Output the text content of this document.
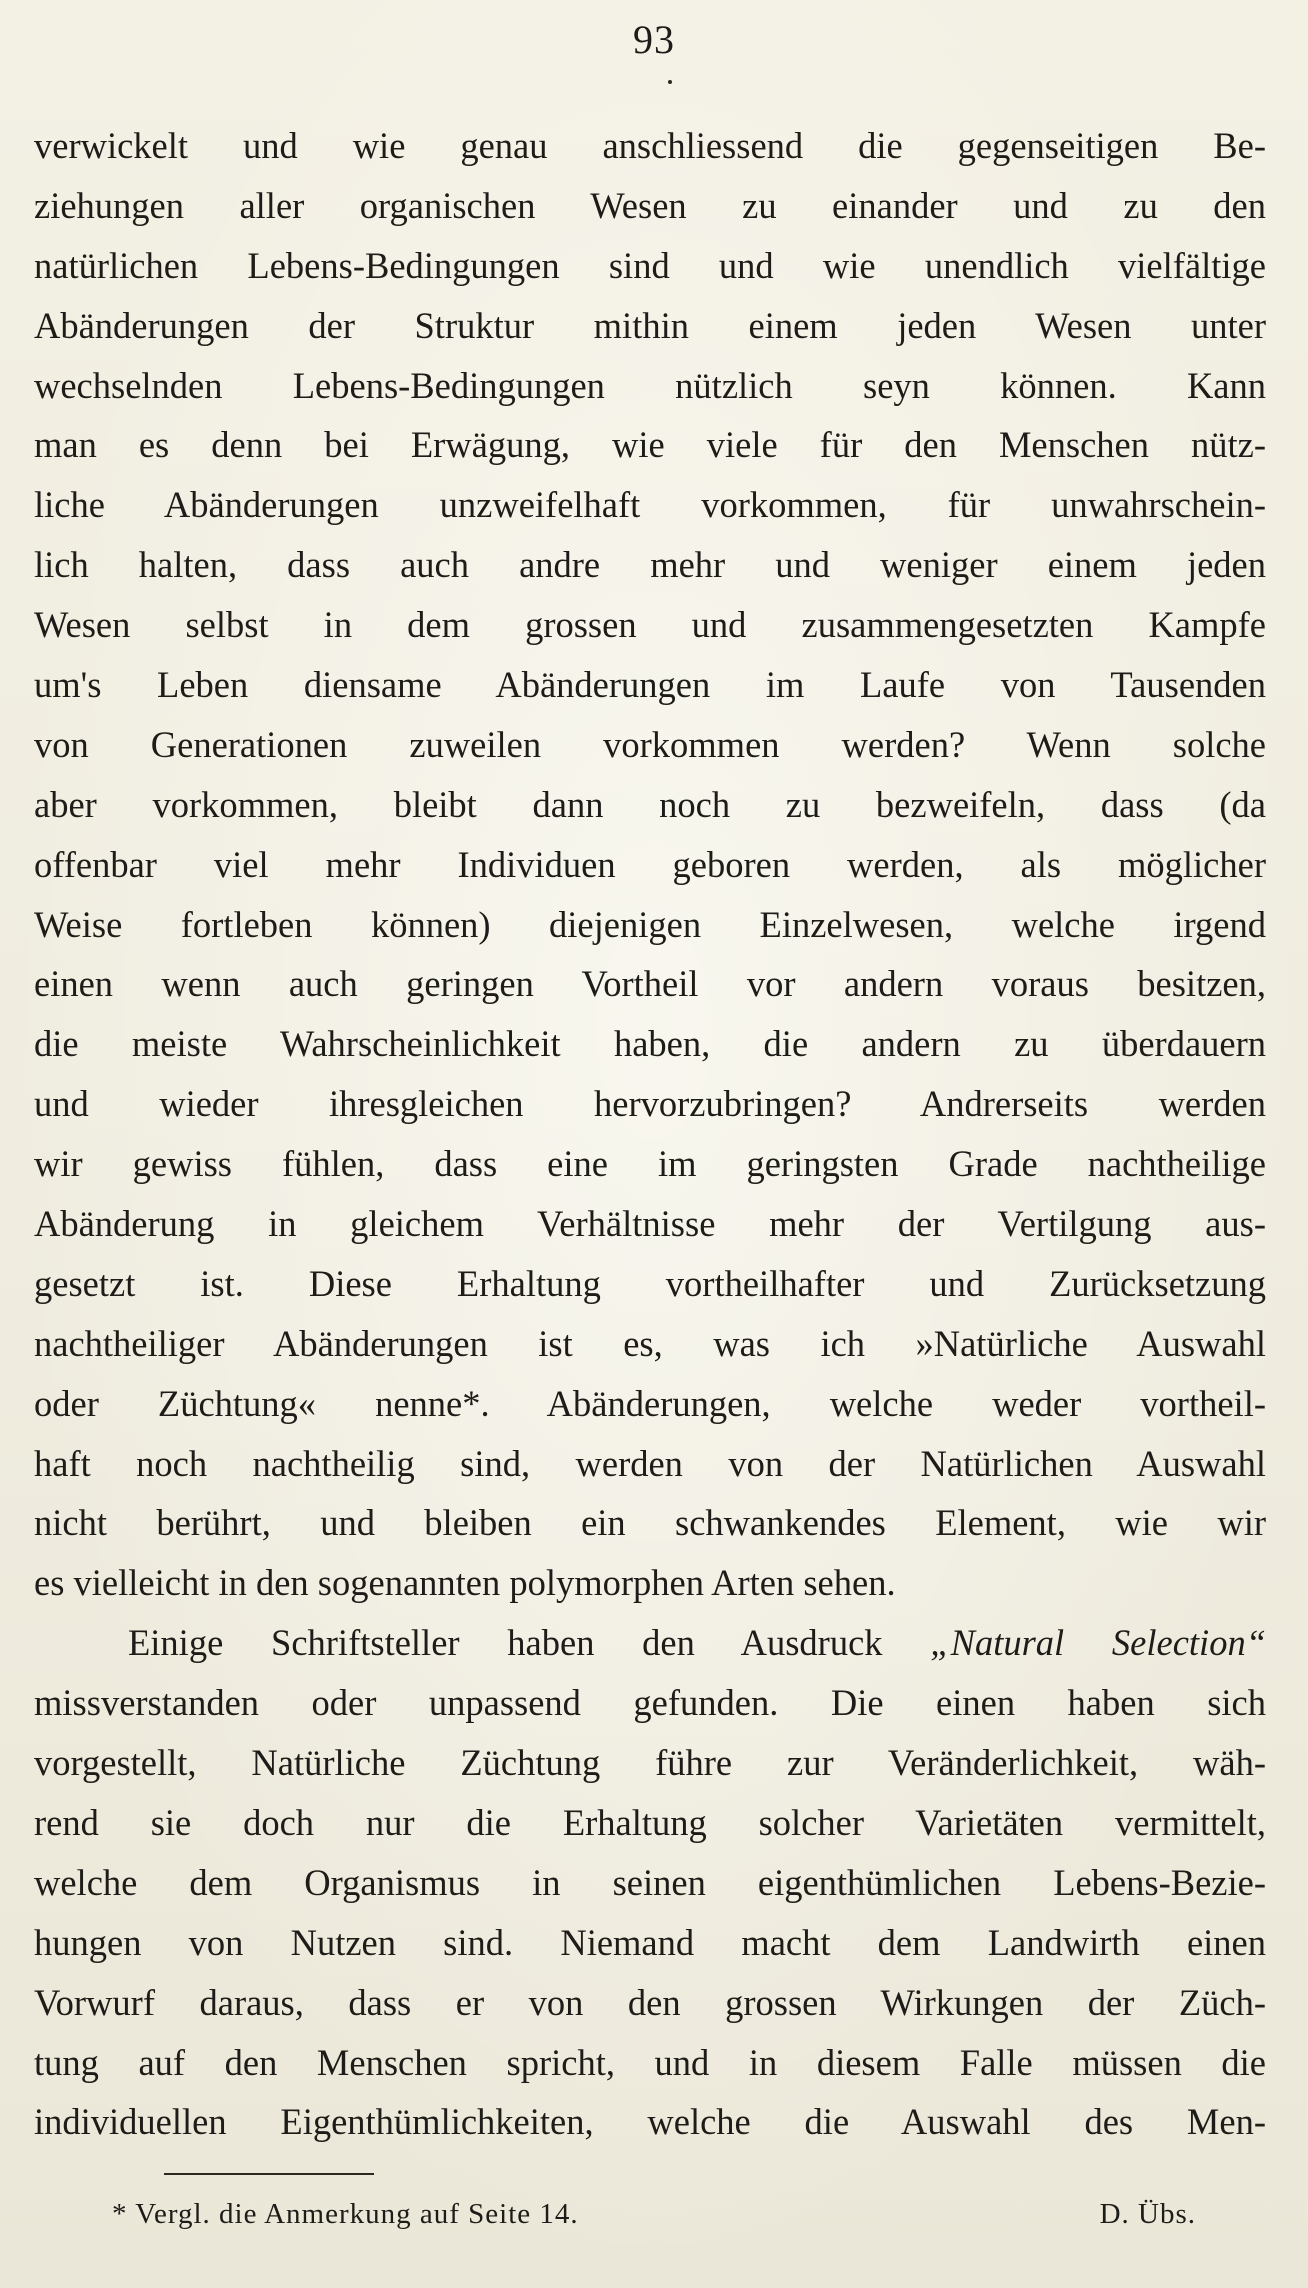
93
verwickelt und wie genau anschliessend die gegenseitigen Be-
ziehungen aller organischen Wesen zu einander und zu den
natürlichen Lebens-Bedingungen sind und wie unendlich vielfältige
Abänderungen der Struktur mithin einem jeden Wesen unter
wechselnden Lebens-Bedingungen nützlich seyn können. Kann
man es denn bei Erwägung, wie viele für den Menschen nütz-
liche Abänderungen unzweifelhaft vorkommen, für unwahrschein-
lich halten, dass auch andre mehr und weniger einem jeden
Wesen selbst in dem grossen und zusammengesetzten Kampfe
um's Leben diensame Abänderungen im Laufe von Tausenden
von Generationen zuweilen vorkommen werden? Wenn solche
aber vorkommen, bleibt dann noch zu bezweifeln, dass (da
offenbar viel mehr Individuen geboren werden, als möglicher
Weise fortleben können) diejenigen Einzelwesen, welche irgend
einen wenn auch geringen Vortheil vor andern voraus besitzen,
die meiste Wahrscheinlichkeit haben, die andern zu überdauern
und wieder ihresgleichen hervorzubringen? Andrerseits werden
wir gewiss fühlen, dass eine im geringsten Grade nachtheilige
Abänderung in gleichem Verhältnisse mehr der Vertilgung aus-
gesetzt ist. Diese Erhaltung vortheilhafter und Zurücksetzung
nachtheiliger Abänderungen ist es, was ich »Natürliche Auswahl
oder Züchtung« nenne*. Abänderungen, welche weder vortheil-
haft noch nachtheilig sind, werden von der Natürlichen Auswahl
nicht berührt, und bleiben ein schwankendes Element, wie wir
es vielleicht in den sogenannten polymorphen Arten sehen.
Einige Schriftsteller haben den Ausdruck „Natural Selection“
missverstanden oder unpassend gefunden. Die einen haben sich
vorgestellt, Natürliche Züchtung führe zur Veränderlichkeit, wäh-
rend sie doch nur die Erhaltung solcher Varietäten vermittelt,
welche dem Organismus in seinen eigenthümlichen Lebens-Bezie-
hungen von Nutzen sind. Niemand macht dem Landwirth einen
Vorwurf daraus, dass er von den grossen Wirkungen der Züch-
tung auf den Menschen spricht, und in diesem Falle müssen die
individuellen Eigenthümlichkeiten, welche die Auswahl des Men-
* Vergl. die Anmerkung auf Seite 14.	D. Übs.
